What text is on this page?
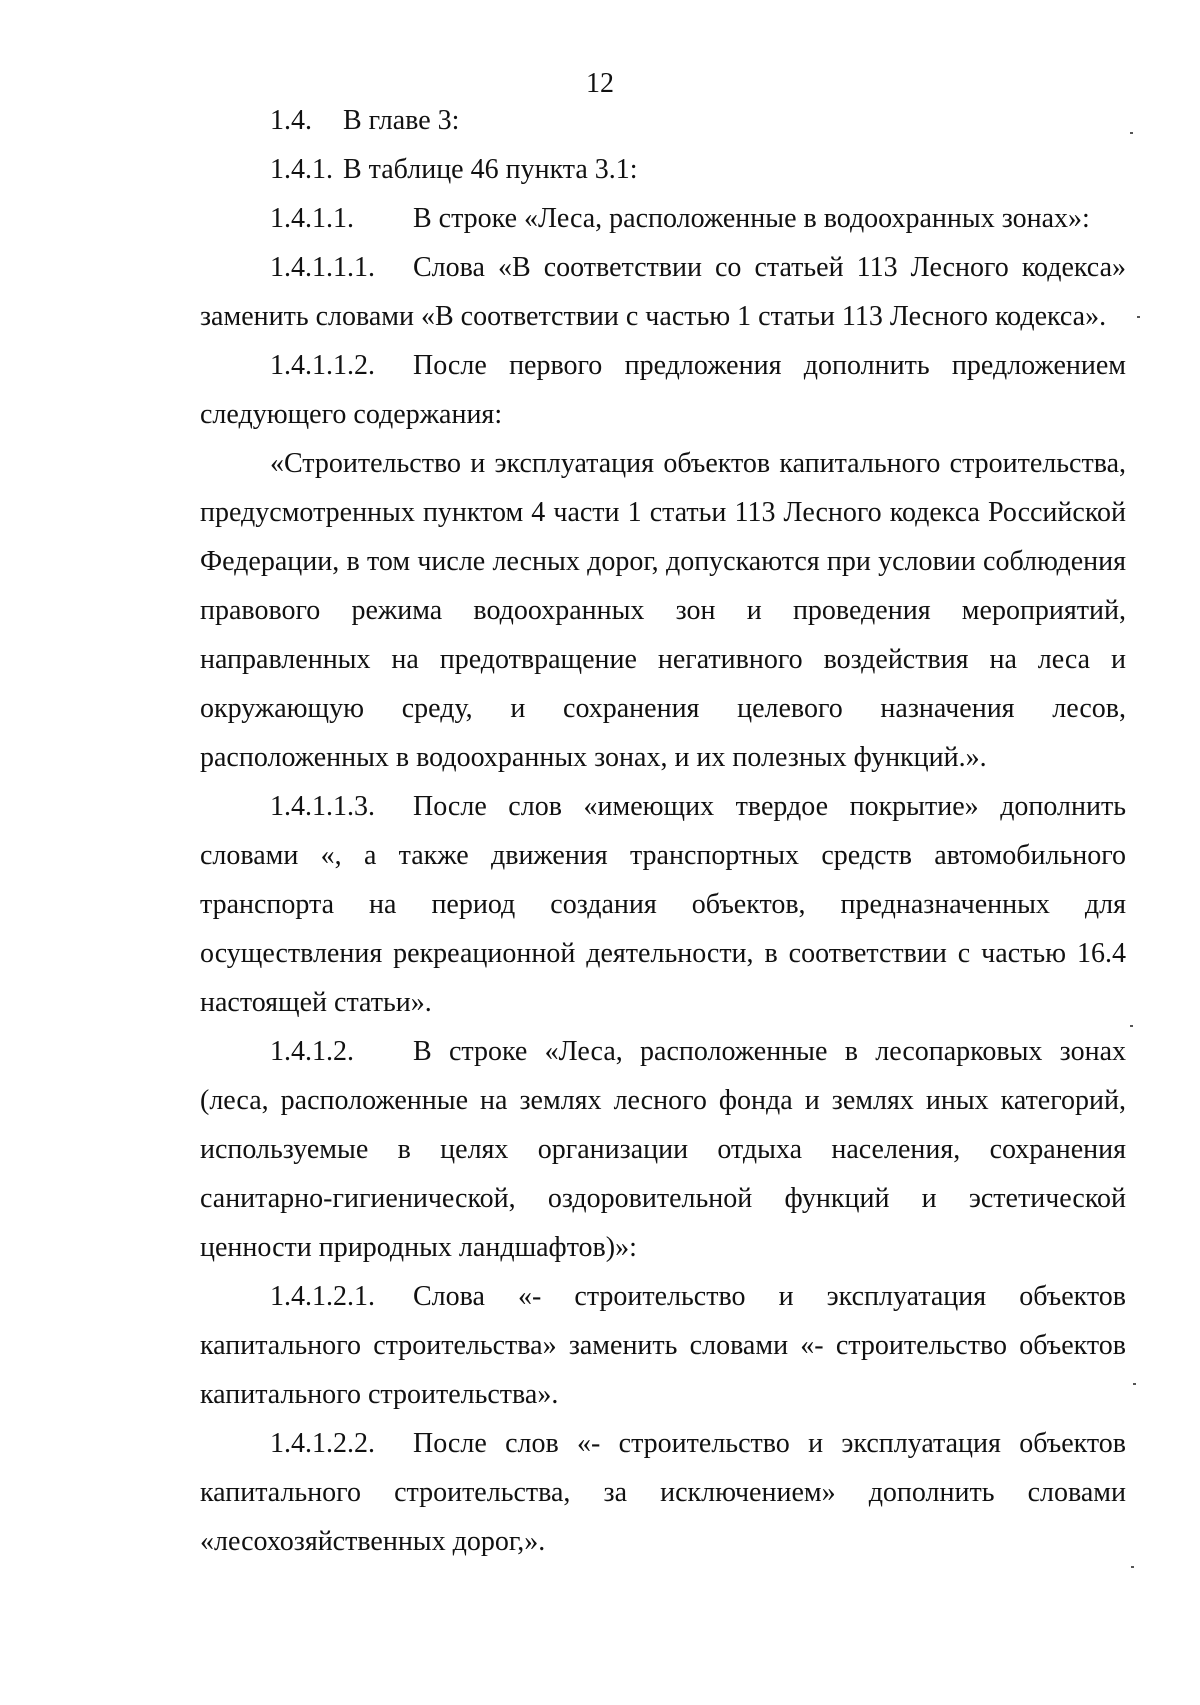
12

1.4. В главе 3:

1.4.1. В таблице 46 пункта 3.1:

1.4.1.1. В строке «Леса, расположенные в водоохранных зонах»:

1.4.1.1.1. Слова «В соответствии со статьей 113 Лесного кодекса» заменить словами «В соответствии с частью 1 статьи 113 Лесного кодекса».

1.4.1.1.2. После первого предложения дополнить предложением следующего содержания:

«Строительство и эксплуатация объектов капитального строительства, предусмотренных пунктом 4 части 1 статьи 113 Лесного кодекса Российской Федерации, в том числе лесных дорог, допускаются при условии соблюдения правового режима водоохранных зон и проведения мероприятий, направленных на предотвращение негативного воздействия на леса и окружающую среду, и сохранения целевого назначения лесов, расположенных в водоохранных зонах, и их полезных функций.».

1.4.1.1.3. После слов «имеющих твердое покрытие» дополнить словами «, а также движения транспортных средств автомобильного транспорта на период создания объектов, предназначенных для осуществления рекреационной деятельности, в соответствии с частью 16.4 настоящей статьи».

1.4.1.2. В строке «Леса, расположенные в лесопарковых зонах (леса, расположенные на землях лесного фонда и землях иных категорий, используемые в целях организации отдыха населения, сохранения санитарно-гигиенической, оздоровительной функций и эстетической ценности природных ландшафтов)»:

1.4.1.2.1. Слова «- строительство и эксплуатация объектов капитального строительства» заменить словами «- строительство объектов капитального строительства».

1.4.1.2.2. После слов «- строительство и эксплуатация объектов капитального строительства, за исключением» дополнить словами «лесохозяйственных дорог,».
